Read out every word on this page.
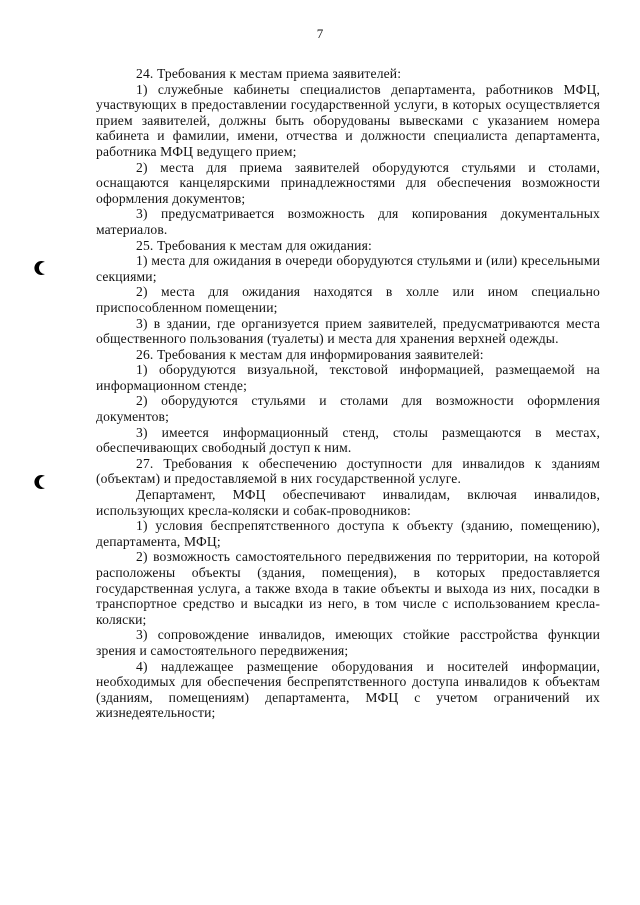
7

24. Требования к местам приема заявителей:

1) служебные кабинеты специалистов департамента, работников МФЦ, участвующих в предоставлении государственной услуги, в которых осуществляется прием заявителей, должны быть оборудованы вывесками с указанием номера кабинета и фамилии, имени, отчества и должности специалиста департамента, работника МФЦ ведущего прием;

2) места для приема заявителей оборудуются стульями и столами, оснащаются канцелярскими принадлежностями для обеспечения возможности оформления документов;

3) предусматривается возможность для копирования документальных материалов.

25. Требования к местам для ожидания:

1) места для ожидания в очереди оборудуются стульями и (или) кресельными секциями;

2) места для ожидания находятся в холле или ином специально приспособленном помещении;

3) в здании, где организуется прием заявителей, предусматриваются места общественного пользования (туалеты) и места для хранения верхней одежды.

26. Требования к местам для информирования заявителей:

1) оборудуются визуальной, текстовой информацией, размещаемой на информационном стенде;

2) оборудуются стульями и столами для возможности оформления документов;

3) имеется информационный стенд, столы размещаются в местах, обеспечивающих свободный доступ к ним.

27. Требования к обеспечению доступности для инвалидов к зданиям (объектам) и предоставляемой в них государственной услуге.

Департамент, МФЦ обеспечивают инвалидам, включая инвалидов, использующих кресла-коляски и собак-проводников:

1) условия беспрепятственного доступа к объекту (зданию, помещению), департамента, МФЦ;

2) возможность самостоятельного передвижения по территории, на которой расположены объекты (здания, помещения), в которых предоставляется государственная услуга, а также входа в такие объекты и выхода из них, посадки в транспортное средство и высадки из него, в том числе с использованием кресла-коляски;

3) сопровождение инвалидов, имеющих стойкие расстройства функции зрения и самостоятельного передвижения;

4) надлежащее размещение оборудования и носителей информации, необходимых для обеспечения беспрепятственного доступа инвалидов к объектам (зданиям, помещениям) департамента, МФЦ с учетом ограничений их жизнедеятельности;
